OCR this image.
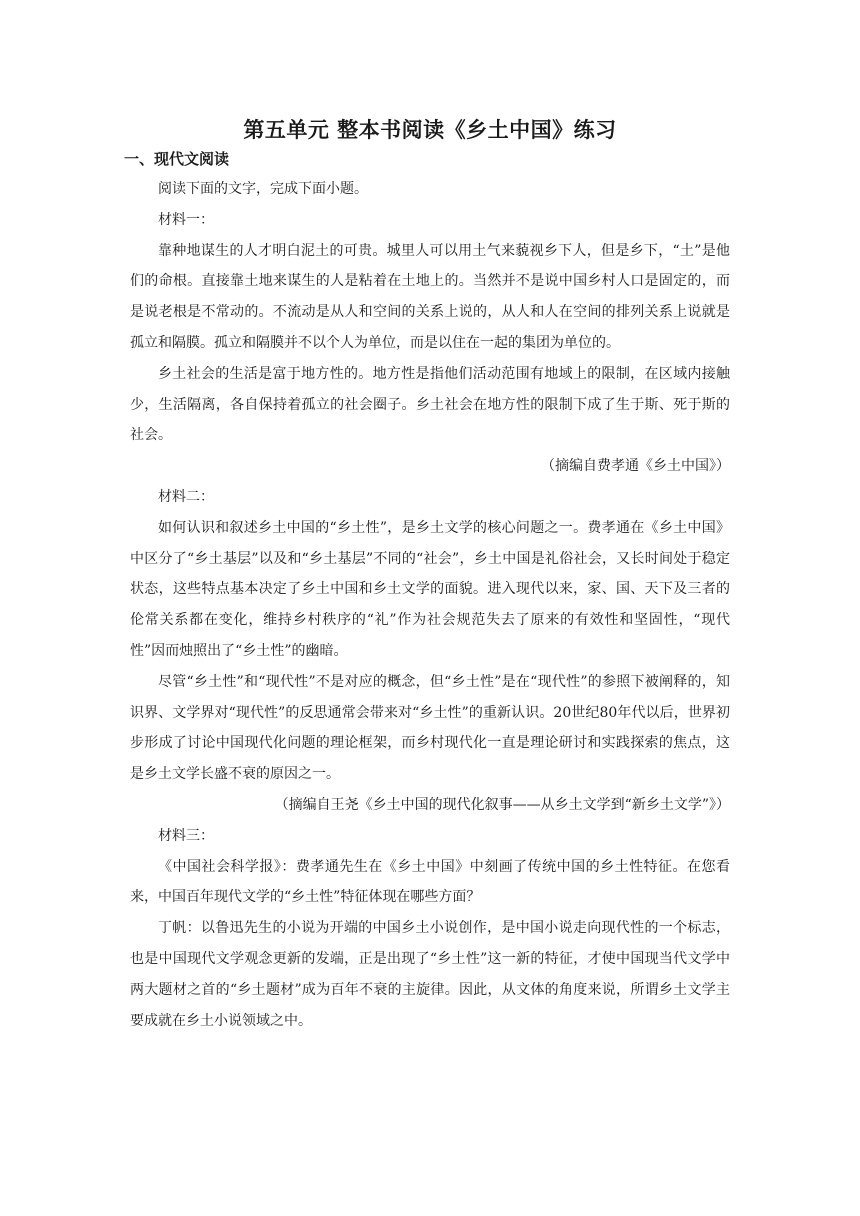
第五单元 整本书阅读《乡土中国》练习
一、现代文阅读

阅读下面的文字，完成下面小题。

材料一：

靠种地谋生的人才明白泥土的可贵。城里人可以用土气来藐视乡下人，但是乡下，“土”是他们的命根。直接靠土地来谋生的人是粘着在土地上的。当然并不是说中国乡村人口是固定的，而是说老根是不常动的。不流动是从人和空间的关系上说的，从人和人在空间的排列关系上说就是孤立和隔膜。孤立和隔膜并不以个人为单位，而是以住在一起的集团为单位的。

乡土社会的生活是富于地方性的。地方性是指他们活动范围有地域上的限制，在区域内接触少，生活隔离，各自保持着孤立的社会圈子。乡土社会在地方性的限制下成了生于斯、死于斯的社会。

（摘编自费孝通《乡土中国》）

材料二：

如何认识和叙述乡土中国的“乡土性”，是乡土文学的核心问题之一。费孝通在《乡土中国》中区分了“乡土基层”以及和“乡土基层”不同的“社会”，乡土中国是礼俗社会，又长时间处于稳定状态，这些特点基本决定了乡土中国和乡土文学的面貌。进入现代以来，家、国、天下及三者的伦常关系都在变化，维持乡村秩序的“礼”作为社会规范失去了原来的有效性和坚固性，“现代性”因而烛照出了“乡土性”的幽暗。

尽管“乡土性”和“现代性”不是对应的概念，但“乡土性”是在“现代性”的参照下被阐释的，知识界、文学界对“现代性”的反思通常会带来对“乡土性”的重新认识。20世纪80年代以后，世界初步形成了讨论中国现代化问题的理论框架，而乡村现代化一直是理论研讨和实践探索的焦点，这是乡土文学长盛不衰的原因之一。

（摘编自王尧《乡土中国的现代化叙事——从乡土文学到“新乡土文学”》）

材料三：

《中国社会科学报》：费孝通先生在《乡土中国》中刻画了传统中国的乡土性特征。在您看来，中国百年现代文学的“乡土性”特征体现在哪些方面？

丁帆：以鲁迅先生的小说为开端的中国乡土小说创作，是中国小说走向现代性的一个标志，也是中国现代文学观念更新的发端，正是出现了“乡土性”这一新的特征，才使中国现当代文学中两大题材之首的“乡土题材”成为百年不衰的主旋律。因此，从文体的角度来说，所谓乡土文学主要成就在乡土小说领域之中。
